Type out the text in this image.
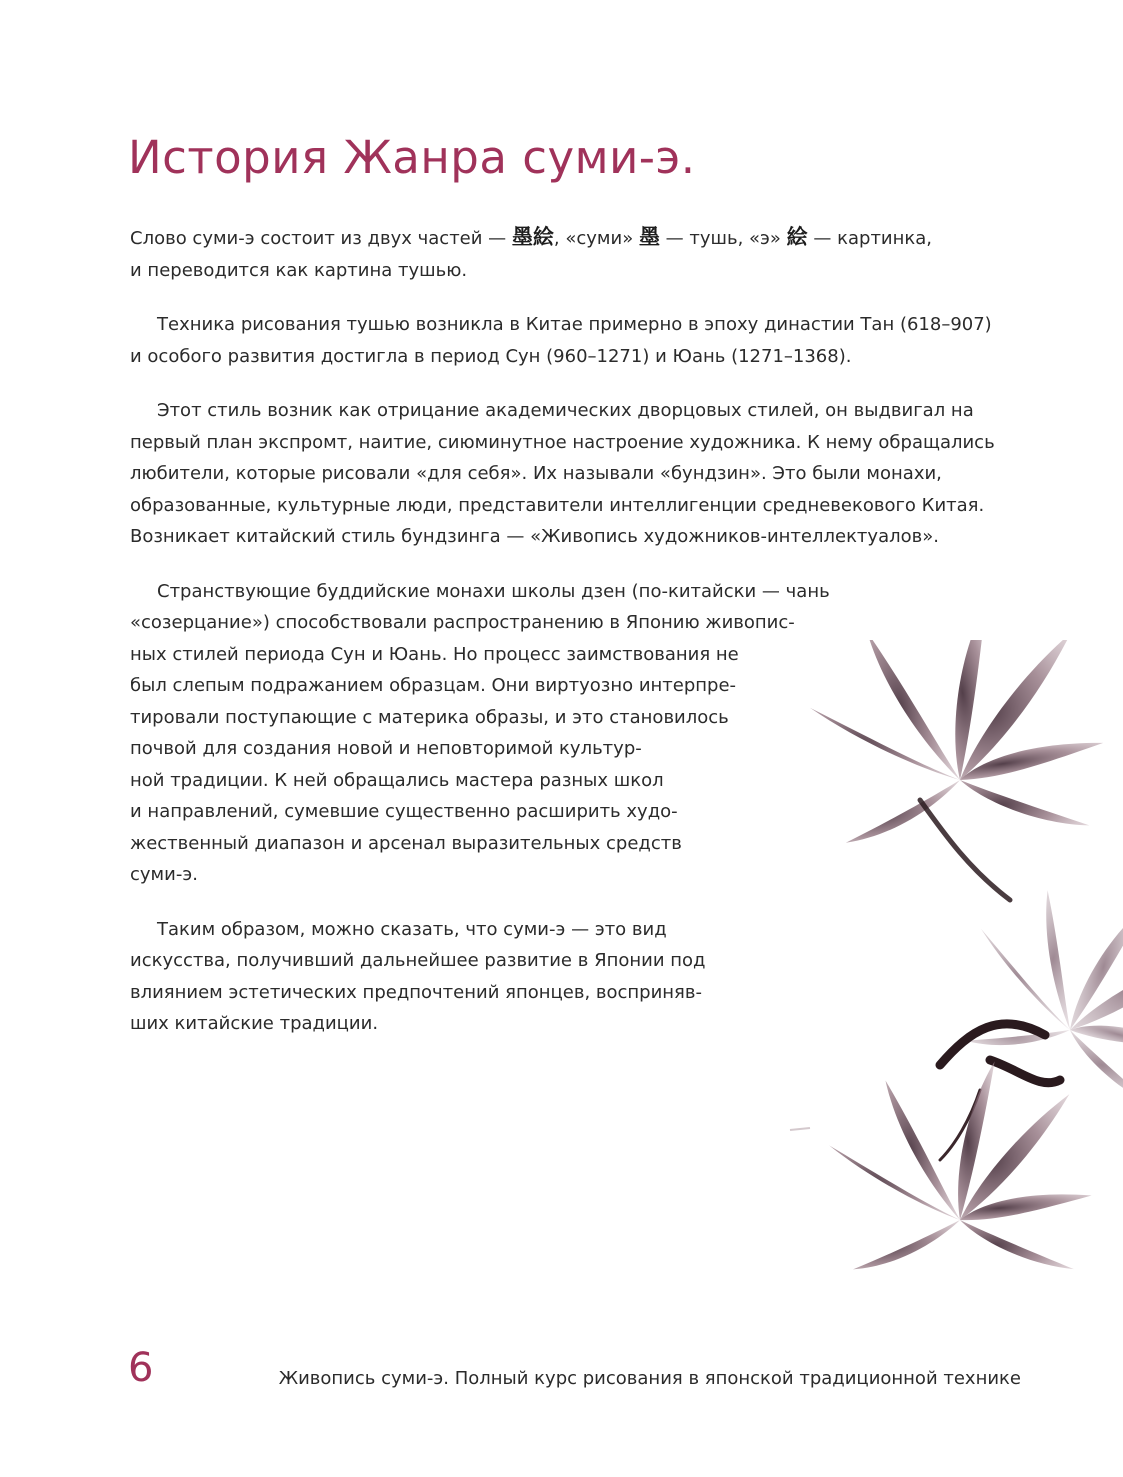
История Жанра суми-э.

Слово суми-э состоит из двух частей — 墨絵, «суми» 墨 — тушь, «э» 絵 — картинка,
и переводится как картина тушью.

Техника рисования тушью возникла в Китае примерно в эпоху династии Тан (618–907)
и особого развития достигла в период Сун (960–1271) и Юань (1271–1368).

Этот стиль возник как отрицание академических дворцовых стилей, он выдвигал на
первый план экспромт, наитие, сиюминутное настроение художника. К нему обращались
любители, которые рисовали «для себя». Их называли «бундзин». Это были монахи,
образованные, культурные люди, представители интеллигенции средневекового Китая.
Возникает китайский стиль бундзинга — «Живопись художников-интеллектуалов».

Странствующие буддийские монахи школы дзен (по-китайски — чань
«созерцание») способствовали распространению в Японию живопис-
ных стилей периода Сун и Юань. Но процесс заимствования не
был слепым подражанием образцам. Они виртуозно интерпре-
тировали поступающие с материка образы, и это становилось
почвой для создания новой и неповторимой культур-
ной традиции. К ней обращались мастера разных школ
и направлений, сумевшие существенно расширить худо-
жественный диапазон и арсенал выразительных средств
суми-э.

Таким образом, можно сказать, что суми-э — это вид
искусства, получивший дальнейшее развитие в Японии под
влиянием эстетических предпочтений японцев, восприняв-
ших китайские традиции.

6	Живопись суми-э. Полный курс рисования в японской традиционной технике
